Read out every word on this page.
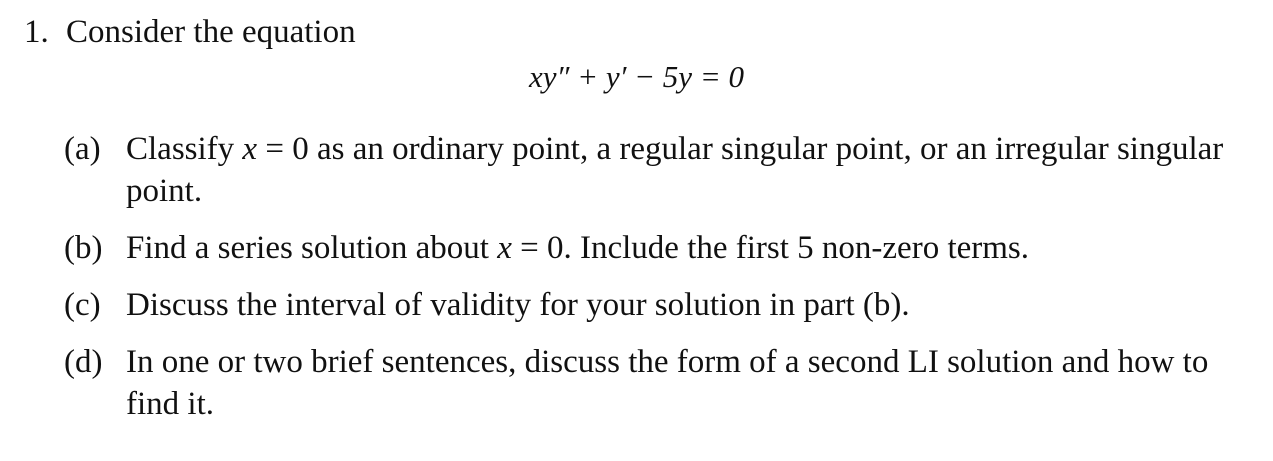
1. Consider the equation
xy″ + y′ − 5y = 0
(a) Classify x = 0 as an ordinary point, a regular singular point, or an irregular singular point.
(b) Find a series solution about x = 0. Include the first 5 non-zero terms.
(c) Discuss the interval of validity for your solution in part (b).
(d) In one or two brief sentences, discuss the form of a second LI solution and how to find it.
